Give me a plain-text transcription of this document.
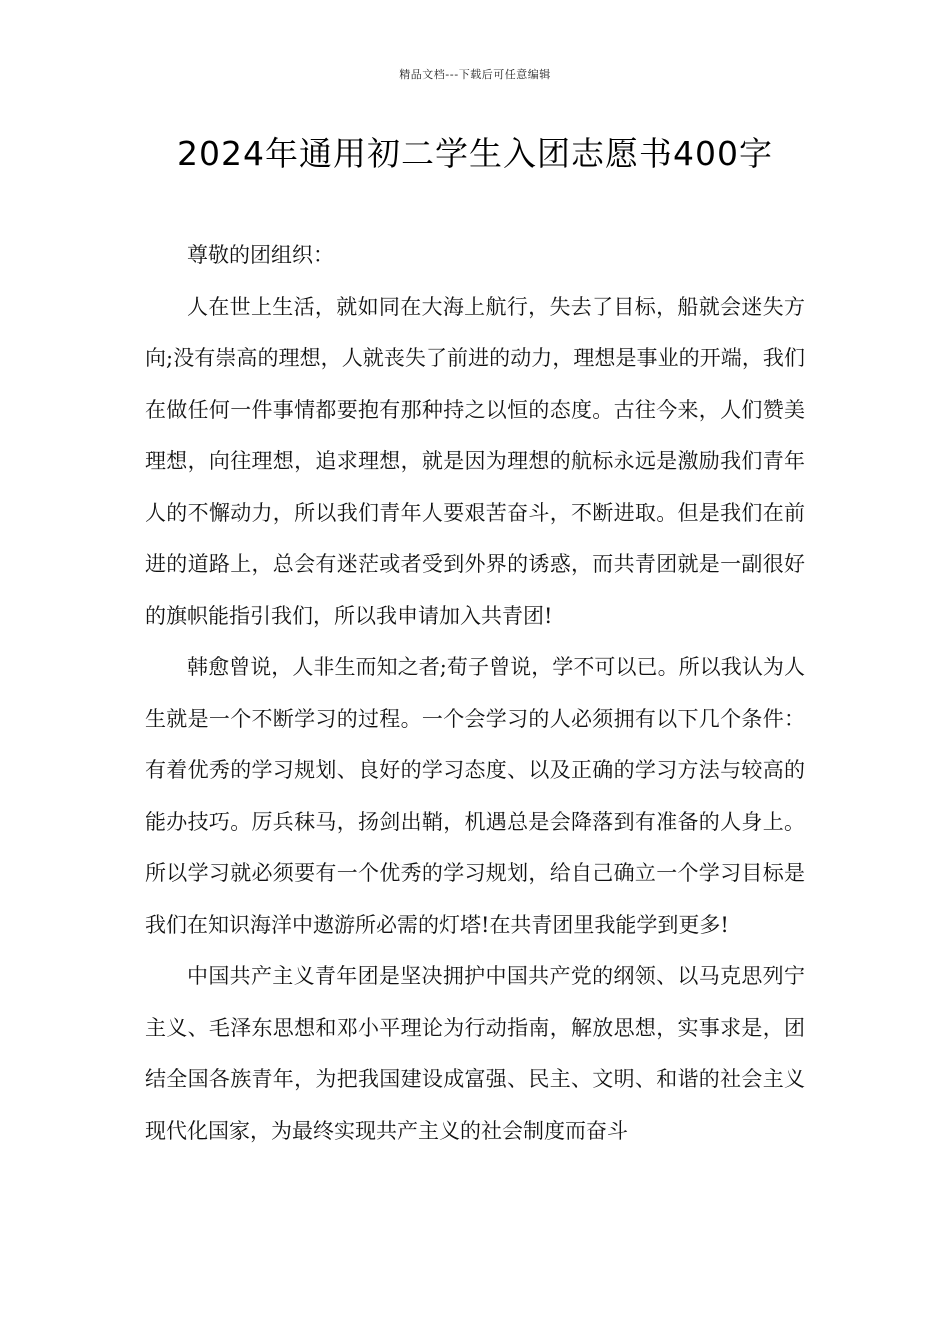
精品文档---下载后可任意编辑
2024年通用初二学生入团志愿书400字

尊敬的团组织：

人在世上生活，就如同在大海上航行，失去了目标，船就会迷失方向;没有崇高的理想，人就丧失了前进的动力，理想是事业的开端，我们在做任何一件事情都要抱有那种持之以恒的态度。古往今来，人们赞美理想，向往理想，追求理想，就是因为理想的航标永远是激励我们青年人的不懈动力，所以我们青年人要艰苦奋斗，不断进取。但是我们在前进的道路上，总会有迷茫或者受到外界的诱惑，而共青团就是一副很好的旗帜能指引我们，所以我申请加入共青团!

韩愈曾说，人非生而知之者;荀子曾说，学不可以已。所以我认为人生就是一个不断学习的过程。一个会学习的人必须拥有以下几个条件：有着优秀的学习规划、良好的学习态度、以及正确的学习方法与较高的能办技巧。厉兵秣马，扬剑出鞘，机遇总是会降落到有准备的人身上。所以学习就必须要有一个优秀的学习规划，给自己确立一个学习目标是我们在知识海洋中遨游所必需的灯塔!在共青团里我能学到更多!

中国共产主义青年团是坚决拥护中国共产党的纲领、以马克思列宁主义、毛泽东思想和邓小平理论为行动指南，解放思想，实事求是，团结全国各族青年，为把我国建设成富强、民主、文明、和谐的社会主义现代化国家，为最终实现共产主义的社会制度而奋斗
